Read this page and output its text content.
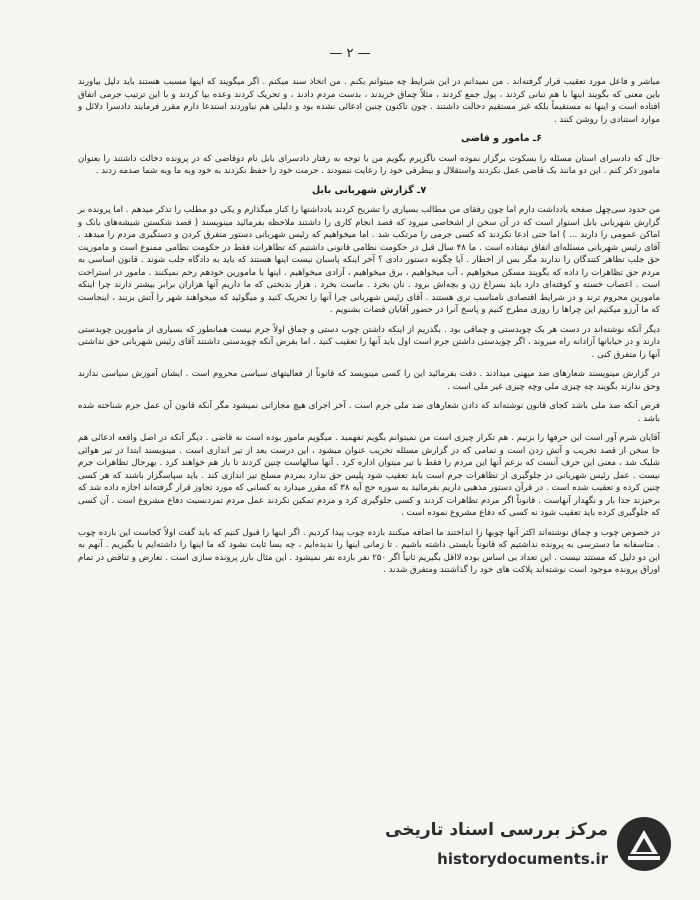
— ۲ —

میاشر و فاعل مورد تعقیب قرار گرفته‌اند . من نمیدانم در این شرایط چه میتوانم بکنم . من اتخاذ سند میکنم . اگر میگویند که اینها مسبب هستند باید دلیل بیاورند باین معنی که بگویند اینها با هم تبانی کردند ، پول جمع کردند ، مثلاً چماق خریدند ، بدست مردم دادند ، و تحریک کردند وعده بپا کردند و با این ترتیب جرمی اتفاق افتاده است و اینها نه مستقیماً بلکه غیر مستقیم دخالت داشتند . چون تاکنون چنین ادعائی نشده بود و دلیلی هم نیاوردند استدعا دارم مقرر فرمایند دادسرا دلائل و موارد استنادی را روشن کنند .

۶ـ مامور و قاضی

حال که دادسرای استان مسئله را بسکوت برگزار نموده است ناگزیرم بگویم من با توجه به رفتار دادسرای بابل نام دوقاضی که در پرونده دخالت داشتند را بعنوان مامور ذکر کنم . این دو مانند یک قاضی عمل نکردند واستقلال و بیطرفی خود را رعایت ننمودند . حرمت خود را حفظ نکردند به خود وبه ما وبه شما صدمه زدند .

۷ـ گزارش شهربانی بابل

من حدود سی‌چهل صفحه یادداشت دارم اما چون رفقای من مطالب بسیاری را تشریح کردند یادداشتها را کنار میگذارم و یکی دو مطلب را تذکر میدهم . اما پرونده بر گزارش شهربانی بابل استوار است که در آن سخن از اشخاصی میرود که قصد انجام کاری را داشتند ملاحظه بفرمائید مینویسند ( قصد شکستن شیشه‌های بانک و اماکن عمومی را دارند ... ) اما حتی ادعا نکردند که کسی جرمی را مرتکب شد . اما میخواهیم که رئیس شهربانی دستور متفرق کردن و دستگیری مردم را میدهد . آقای رئیس شهربانی مسئله‌ای اتفاق نیفتاده است . ما ۴۸ سال قبل در حکومت نظامی قانونی داشتیم که تظاهرات فقط در حکومت نظامی ممنوع است و ماموریت حق جلب تظاهر کنندگان را ندارند مگر بس از اخطار . آیا چگونه دستور دادی ؟ آخر اینکه پاسبان نیست اینها هستند که باید به دادگاه جلب شوند . قانون اساسی به مردم حق تظاهرات را داده که بگویند مسکن میخواهیم ، آب میخواهیم ، برق میخواهیم ، آزادی میخواهیم . اینها با مامورین خودهم رحم نمیکنند . مامور در استراحت است . اعصاب خسته و کوفته‌ای دارد باید بسراغ زن و بچه‌اش برود . نان بخرد . ماست بخرد . هزار بدبختی که ما داریم آنها هزاران برابر بیشتر دارند چرا اینکه مامورین محروم ترند و در شرایط اقتصادی نامناسب تری هستند . آقای رئیس شهربانی چرا آنها را تحریک کنید و میگوئید که میخواهند شهر را آتش بزنند ، اینجاست که ما آرزو میکنیم این چراها را روزی مطرح کنیم و پاسخ آنرا در حضور آقایان قضات بشنویم .

دیگر آنکه نوشته‌اند در دست هر یک چوبدستی و چماقی بود . بگذریم از اینکه داشتن چوب دستی و چماق اولاً جرم نیست همانطور که بسیاری از مامورین چوبدستی دارند و در خیابانها آزادانه راه میروند ، اگر چوبدستی داشتن جرم است اول باید آنها را تعقیب کنید . اما بفرض آنکه چوبدستی داشتند آقای رئیس شهربانی حق نداشتی آنها را متفرق کنی .

در گزارش مینویسند شعارهای ضد میهنی میدادند . دقت بفرمائید این را کسی مینویسد که قانوناً از فعالیتهای سیاسی محروم است . ایشان آموزش سیاسی ندارند وحق ندارند بگویند چه چیزی ملی وچه چیزی غیر ملی است .

فرض آنکه ضد ملی باشد کجای قانون نوشته‌اند که دادن شعارهای ضد ملی جرم است . آخر اجرای هیچ مجازاتی نمیشود مگر آنکه قانون آن عمل جرم شناخته شده باشد .

آقایان شرم آور است این حرفها را بزنیم . هم تکرار چیزی است من نمیتوانم بگویم نفهمید . میگویم مامور بوده است نه قاضی . دیگر آنکه در اصل واقعه ادعائی هم جا سخن از قصد تخریب و آتش زدن است و تمامی که در گزارش مسئله تخریب عنوان میشود ، این درست بعد از تیر اندازی است . مینویسند ابتدا در تیر هوائی شلیک شد ، معنی این حرف آنست که بزعم آنها این مردم را فقط با تیر میتوان اداره کرد . آنها سالهاست چنین کردند تا باز هم خواهند کرد . بهرحال تظاهرات جرم نیست . عمل رئیس شهربانی در جلوگیری از تظاهرات جرم است باید تعقیب شود پلیس حق ندارد بمردم مسلح تیر اندازی کند . باید سپاسگزار باشند که هر کسی چنین کرده و تعقیب شده است . در قرآن دستور مذهبی داریم بفرمائید به سوره حج آیه ۳۸ که مقرر میدارد به کسانی که مورد تجاوز قرار گرفته‌اند اجازه داده شد که برخیزند جدا بار و نگهدار آنهاست . قانوناً اگر مردم تظاهرات کردند و کسی جلوگیری کرد و مردم تمکین نکردند عمل مردم تمردنسیت دفاع مشروع است . آن کسی که جلوگیری کرده باید تعقیب شود نه کسی که دفاع مشروع نموده است .

در خصوص چوب و چماق نوشته‌اند اکثر آنها چوبها را انداختند ما اضافه میکنند بازده چوب پیدا کردیم . اگر اینها را قبول کنیم که باید گفت اولاً کجاست این بازده چوب . متاسفانه ما دسترسی به پرونده نداشتیم که قانوناً بایستی داشته باشیم . تا زمانی اینها را ندیده‌ایم ، چه بسا ثابت نشود که ما اینها را داشته‌ایم یا بگیریم . آنهم به این دو دلیل که مستند نیست . این تعداد بی اساس بوده لااقل بگیریم ثانیاً اگر ۲۵۰ نفر بازده نفر نمیشود . این مثال بارز پرونده سازی است . تعارض و تناقض در تمام اوراق پرونده موجود است نوشته‌اند پلاکت های خود را گذاشتند ومتفرق شدند .

مرکز بررسی اسناد تاریخی
historydocuments.ir
